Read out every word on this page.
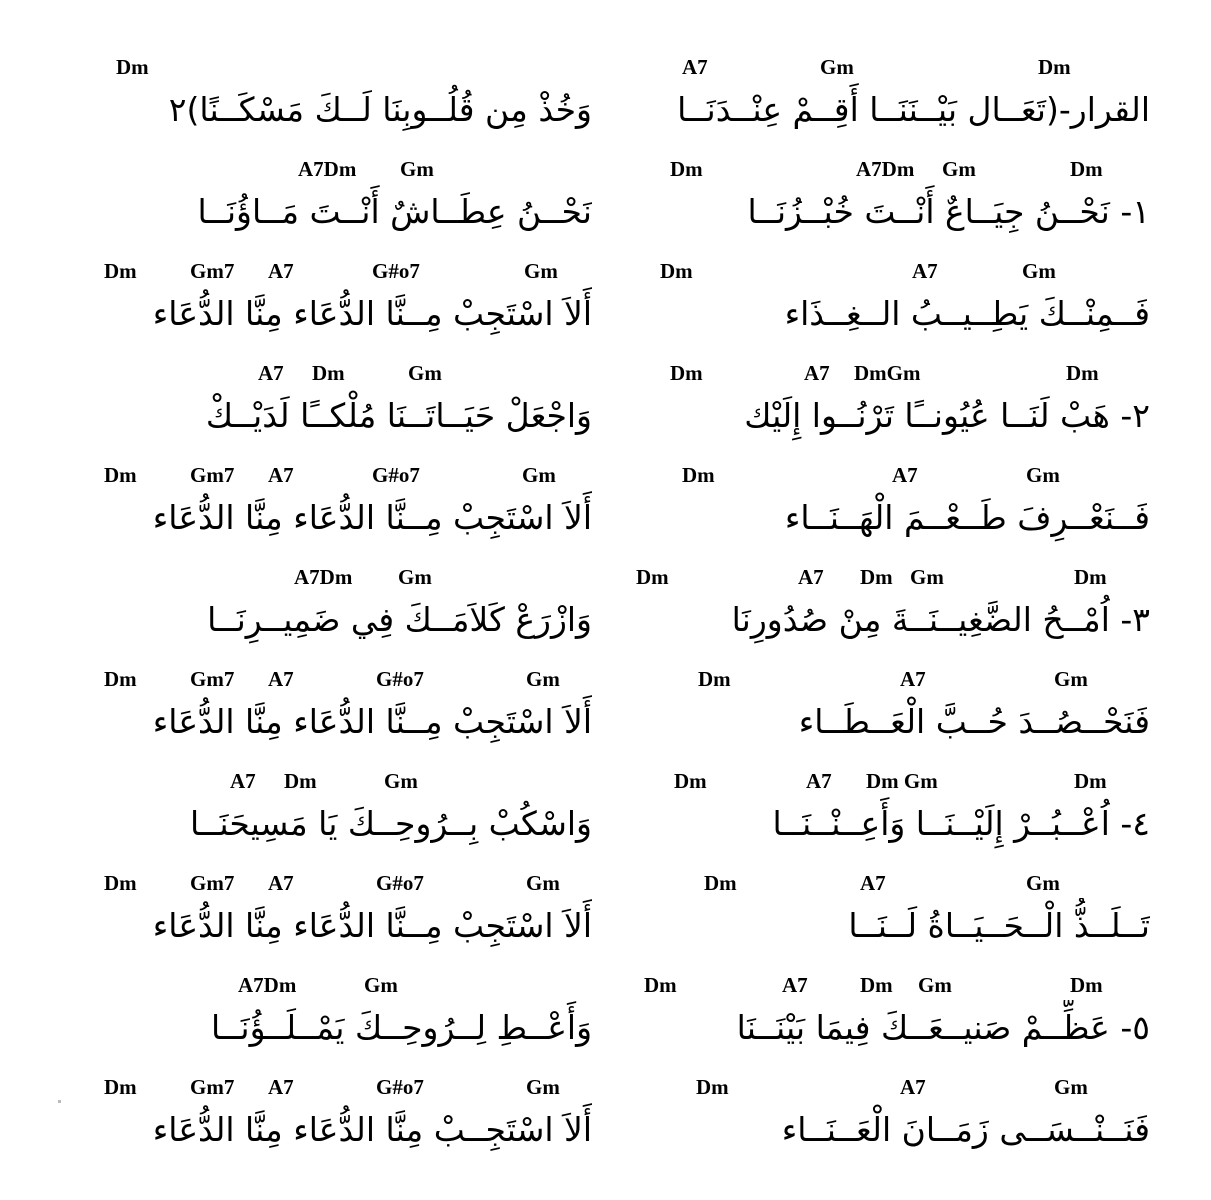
A7	Gm	Dm
القرار-(تَعَــال بَيْــنَنَــا أَقِــمْ عِنْــدَنَــا
Dm	A7Dm Gm	Dm
١- نَحْــنُ جِيَــاعٌ أَنْــتَ خُبْــزُنَــا
Dm	A7	Gm
فَــمِنْــكَ يَطِــيــبُ الــغِــذَاء
Dm	A7 DmGm	Dm
٢- هَبْ لَنَــا عُيُونــًا تَرْنُــوا إِلَيْك
Dm	A7	Gm
فَــنَعْــرِفَ طَــعْــمَ الْهَــنَــاء
Dm	A7 Dm Gm	Dm
٣- اُمْــحُ الضَّغِيــنَــةَ مِنْ صُدُورِنَا
Dm	A7	Gm
فَنَحْــصُــدَ حُــبَّ الْعَــطَــاء
Dm	A7 Dm Gm	Dm
٤- اُعْــبُــرْ إِلَيْــنَــا وَأَعِــنْــنَــا
Dm	A7	Gm
تَــلَــذُّ الْــحَــيَــاةُ لَــنَــا
Dm	A7 Dm Gm	Dm
٥- عَظِّــمْ صَنيــعَــكَ فِيمَا بَيْنَــنَا
Dm	A7	Gm
فَنَــنْــسَــى زَمَــانَ الْعَــنَــاء
Dm
وَخُذْ مِن قُلُــوبِنَا لَــكَ مَسْكَــنًا)٢
A7Dm Gm
نَحْــنُ عِطَــاشٌ أَنْــتَ مَــاؤُنَــا
Dm	Gm7 A7	G#o7	Gm
أَلاَ اسْتَجِبْ مِــنَّا الدُّعَاء مِنَّا الدُّعَاء
A7 Dm	Gm
وَاجْعَلْ حَيَــاتَــنَا مُلْكــًا لَدَيْــكْ
Dm	Gm7 A7	G#o7	Gm
أَلاَ اسْتَجِبْ مِــنَّا الدُّعَاء مِنَّا الدُّعَاء
A7Dm Gm
وَازْرَعْ كَلاَمَــكَ فِي ضَمِيــرِنَــا
Dm	Gm7 A7	G#o7	Gm
أَلاَ اسْتَجِبْ مِــنَّا الدُّعَاء مِنَّا الدُّعَاء
A7 Dm	Gm
وَاسْكُبْ بِــرُوحِــكَ يَا مَسِيحَنَــا
Dm	Gm7 A7	G#o7	Gm
أَلاَ اسْتَجِبْ مِــنَّا الدُّعَاء مِنَّا الدُّعَاء
A7Dm	Gm
وَأَعْــطِ لِــرُوحِــكَ يَمْــلَــؤُنَــا
Dm	Gm7 A7	G#o7	Gm
أَلاَ اسْتَجِــبْ مِنَّا الدُّعَاء مِنَّا الدُّعَاء
